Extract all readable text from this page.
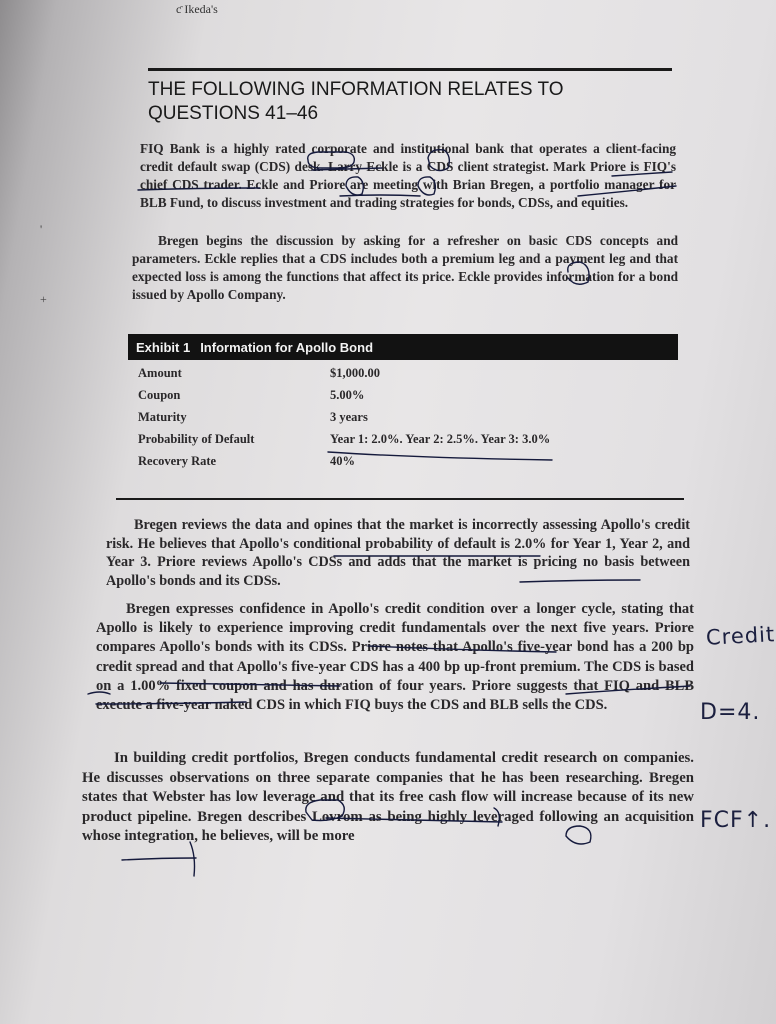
ƈ Ikeda's
THE FOLLOWING INFORMATION RELATES TO QUESTIONS 41–46

FIQ Bank is a highly rated corporate and institutional bank that operates a client-facing credit default swap (CDS) desk. Larry Eckle is a CDS client strategist. Mark Priore is FIQ's chief CDS trader. Eckle and Priore are meeting with Brian Bregen, a portfolio manager for BLB Fund, to discuss investment and trading strategies for bonds, CDSs, and equities.

Bregen begins the discussion by asking for a refresher on basic CDS concepts and parameters. Eckle replies that a CDS includes both a premium leg and a payment leg and that expected loss is among the functions that affect its price. Eckle provides information for a bond issued by Apollo Company.

Exhibit 1 Information for Apollo Bond
Amount	$1,000.00
Coupon	5.00%
Maturity	3 years
Probability of Default	Year 1: 2.0%. Year 2: 2.5%. Year 3: 3.0%
Recovery Rate	40%

Bregen reviews the data and opines that the market is incorrectly assessing Apollo's credit risk. He believes that Apollo's conditional probability of default is 2.0% for Year 1, Year 2, and Year 3. Priore reviews Apollo's CDSs and adds that the market is pricing no basis between Apollo's bonds and its CDSs.

Bregen expresses confidence in Apollo's credit condition over a longer cycle, stating that Apollo is likely to experience improving credit fundamentals over the next five years. Priore compares Apollo's bonds with its CDSs. Priore notes that Apollo's five-year bond has a 200 bp credit spread and that Apollo's five-year CDS has a 400 bp up-front premium. The CDS is based on a 1.00% fixed coupon and has duration of four years. Priore suggests that FIQ and BLB execute a five-year naked CDS in which FIQ buys the CDS and BLB sells the CDS.

In building credit portfolios, Bregen conducts fundamental credit research on companies. He discusses observations on three separate companies that he has been researching. Bregen states that Webster has low leverage and that its free cash flow will increase because of its new product pipeline. Bregen describes Lovrom as being highly leveraged following an acquisition whose integration, he believes, will be more

Credit
D=4.
FCF↑.
'
+
